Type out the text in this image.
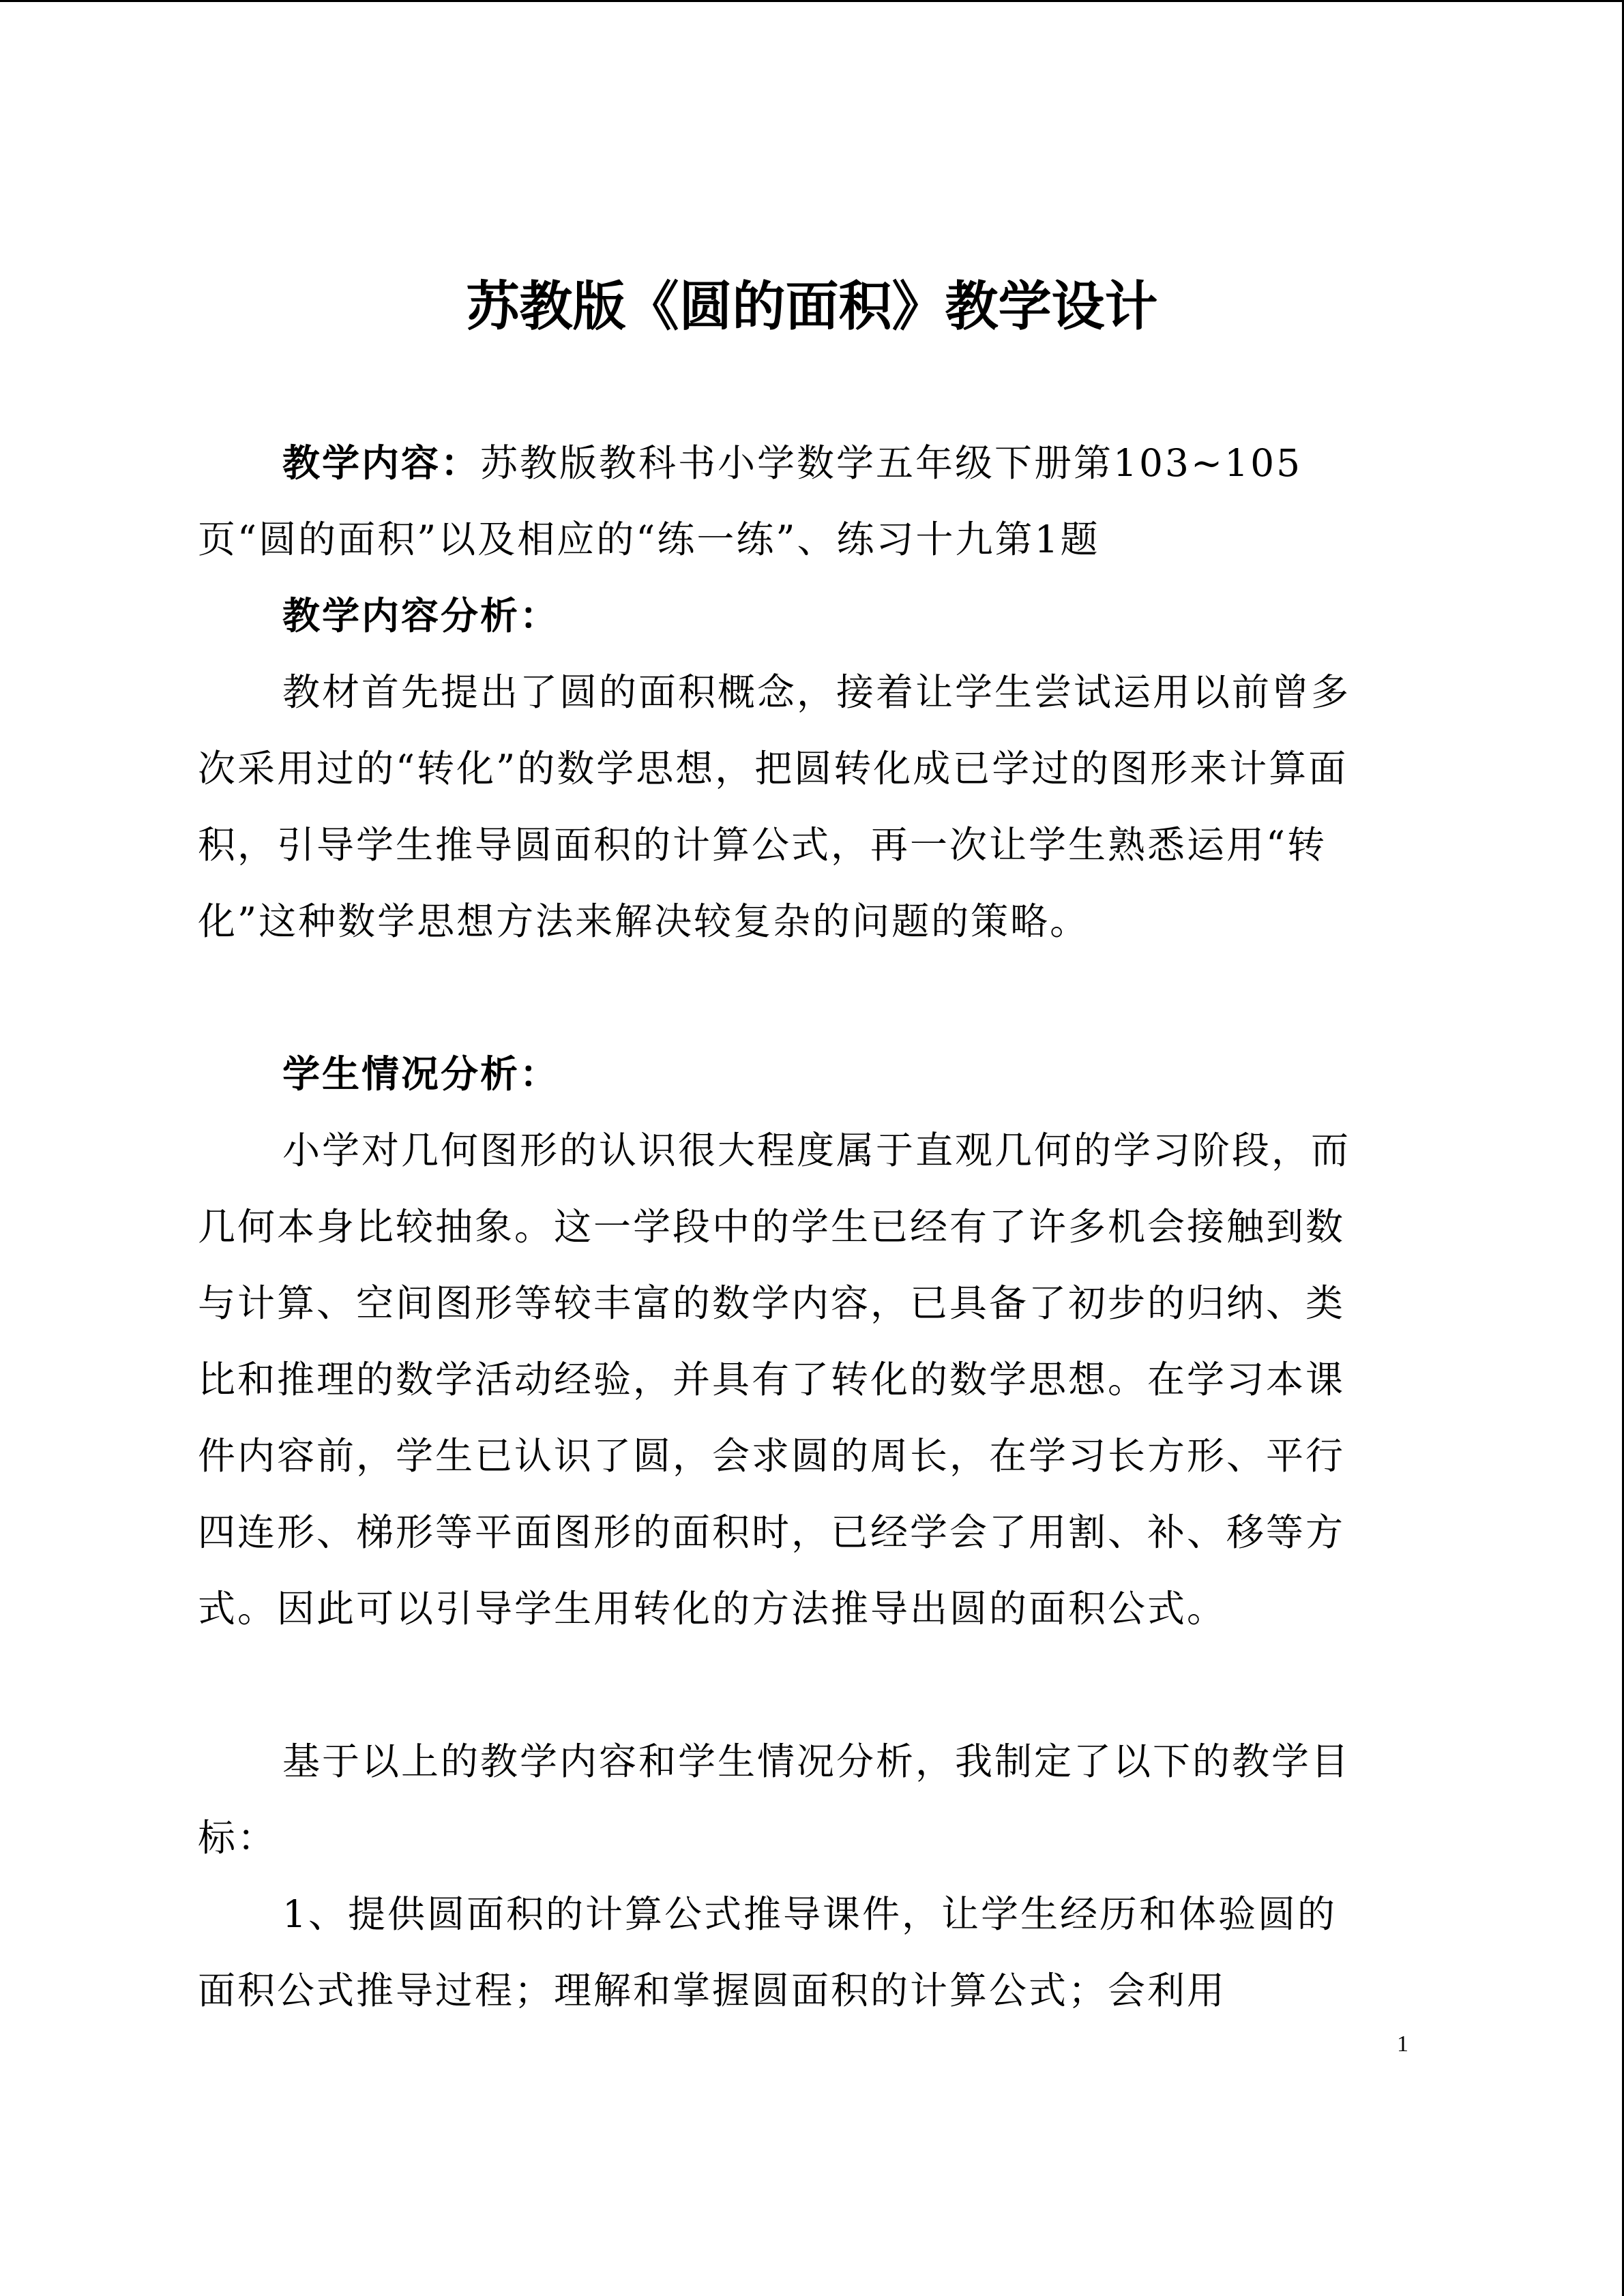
苏教版《圆的面积》教学设计

教学内容：苏教版教科书小学数学五年级下册第103~105页“圆的面积”以及相应的“练一练”、练习十九第1题

教学内容分析：

教材首先提出了圆的面积概念，接着让学生尝试运用以前曾多次采用过的“转化”的数学思想，把圆转化成已学过的图形来计算面积，引导学生推导圆面积的计算公式，再一次让学生熟悉运用“转化”这种数学思想方法来解决较复杂的问题的策略。

学生情况分析：

小学对几何图形的认识很大程度属于直观几何的学习阶段，而几何本身比较抽象。这一学段中的学生已经有了许多机会接触到数与计算、空间图形等较丰富的数学内容，已具备了初步的归纳、类比和推理的数学活动经验，并具有了转化的数学思想。在学习本课件内容前，学生已认识了圆，会求圆的周长，在学习长方形、平行四连形、梯形等平面图形的面积时，已经学会了用割、补、移等方式。因此可以引导学生用转化的方法推导出圆的面积公式。

基于以上的教学内容和学生情况分析，我制定了以下的教学目标：

1、提供圆面积的计算公式推导课件，让学生经历和体验圆的面积公式推导过程；理解和掌握圆面积的计算公式；会利用

1
